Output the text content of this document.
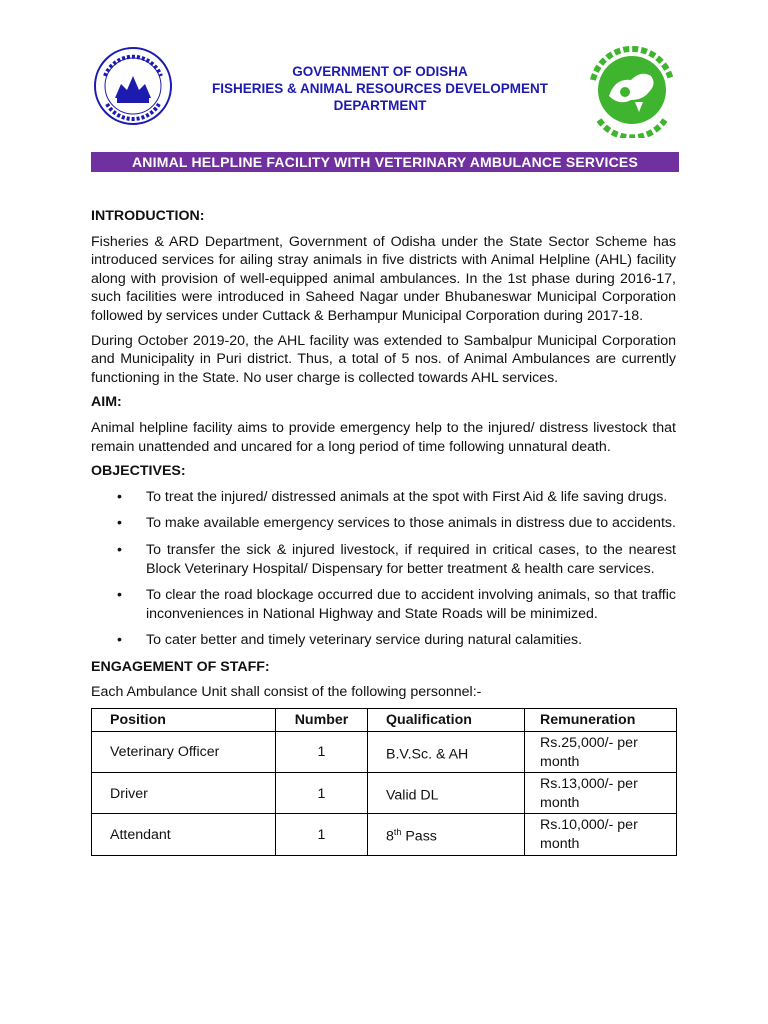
GOVERNMENT OF ODISHA
FISHERIES & ANIMAL RESOURCES DEVELOPMENT
DEPARTMENT
ANIMAL HELPLINE FACILITY WITH VETERINARY AMBULANCE SERVICES
INTRODUCTION:

Fisheries & ARD Department, Government of Odisha under the State Sector Scheme has introduced services for ailing stray animals in five districts with Animal Helpline (AHL) facility along with provision of well-equipped animal ambulances. In the 1st phase during 2016-17, such facilities were introduced in Saheed Nagar under Bhubaneswar Municipal Corporation followed by services under Cuttack & Berhampur Municipal Corporation during 2017-18.

During October 2019-20, the AHL facility was extended to Sambalpur Municipal Corporation and Municipality in Puri district. Thus, a total of 5 nos. of Animal Ambulances are currently functioning in the State. No user charge is collected towards AHL services.

AIM:

Animal helpline facility aims to provide emergency help to the injured/ distress livestock that remain unattended and uncared for a long period of time following unnatural death.

OBJECTIVES:
• To treat the injured/ distressed animals at the spot with First Aid & life saving drugs.
• To make available emergency services to those animals in distress due to accidents.
• To transfer the sick & injured livestock, if required in critical cases, to the nearest Block Veterinary Hospital/ Dispensary for better treatment & health care services.
• To clear the road blockage occurred due to accident involving animals, so that traffic inconveniences in National Highway and State Roads will be minimized.
• To cater better and timely veterinary service during natural calamities.
ENGAGEMENT OF STAFF:

Each Ambulance Unit shall consist of the following personnel:-

Position	Number	Qualification	Remuneration
Veterinary Officer	1	B.V.Sc. & AH	Rs.25,000/- per month
Driver	1	Valid DL	Rs.13,000/- per month
Attendant	1	8th Pass	Rs.10,000/- per month
